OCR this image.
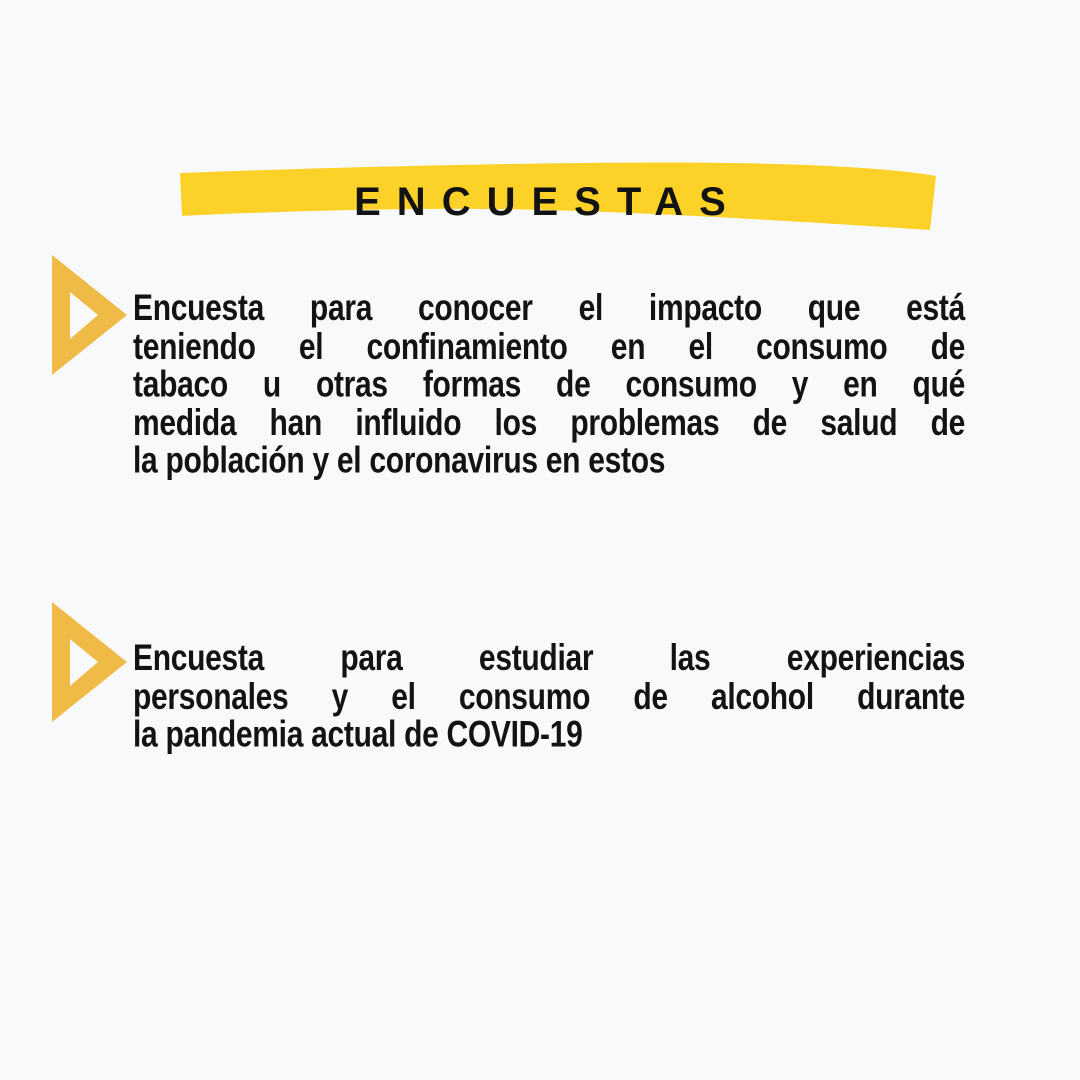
ENCUESTAS
Encuesta para conocer el impacto que está
teniendo el confinamiento en el consumo de
tabaco u otras formas de consumo y en qué
medida han influido los problemas de salud de
la población y el coronavirus en estos
Encuesta para estudiar las experiencias
personales y el consumo de alcohol durante
la pandemia actual de COVID-19
